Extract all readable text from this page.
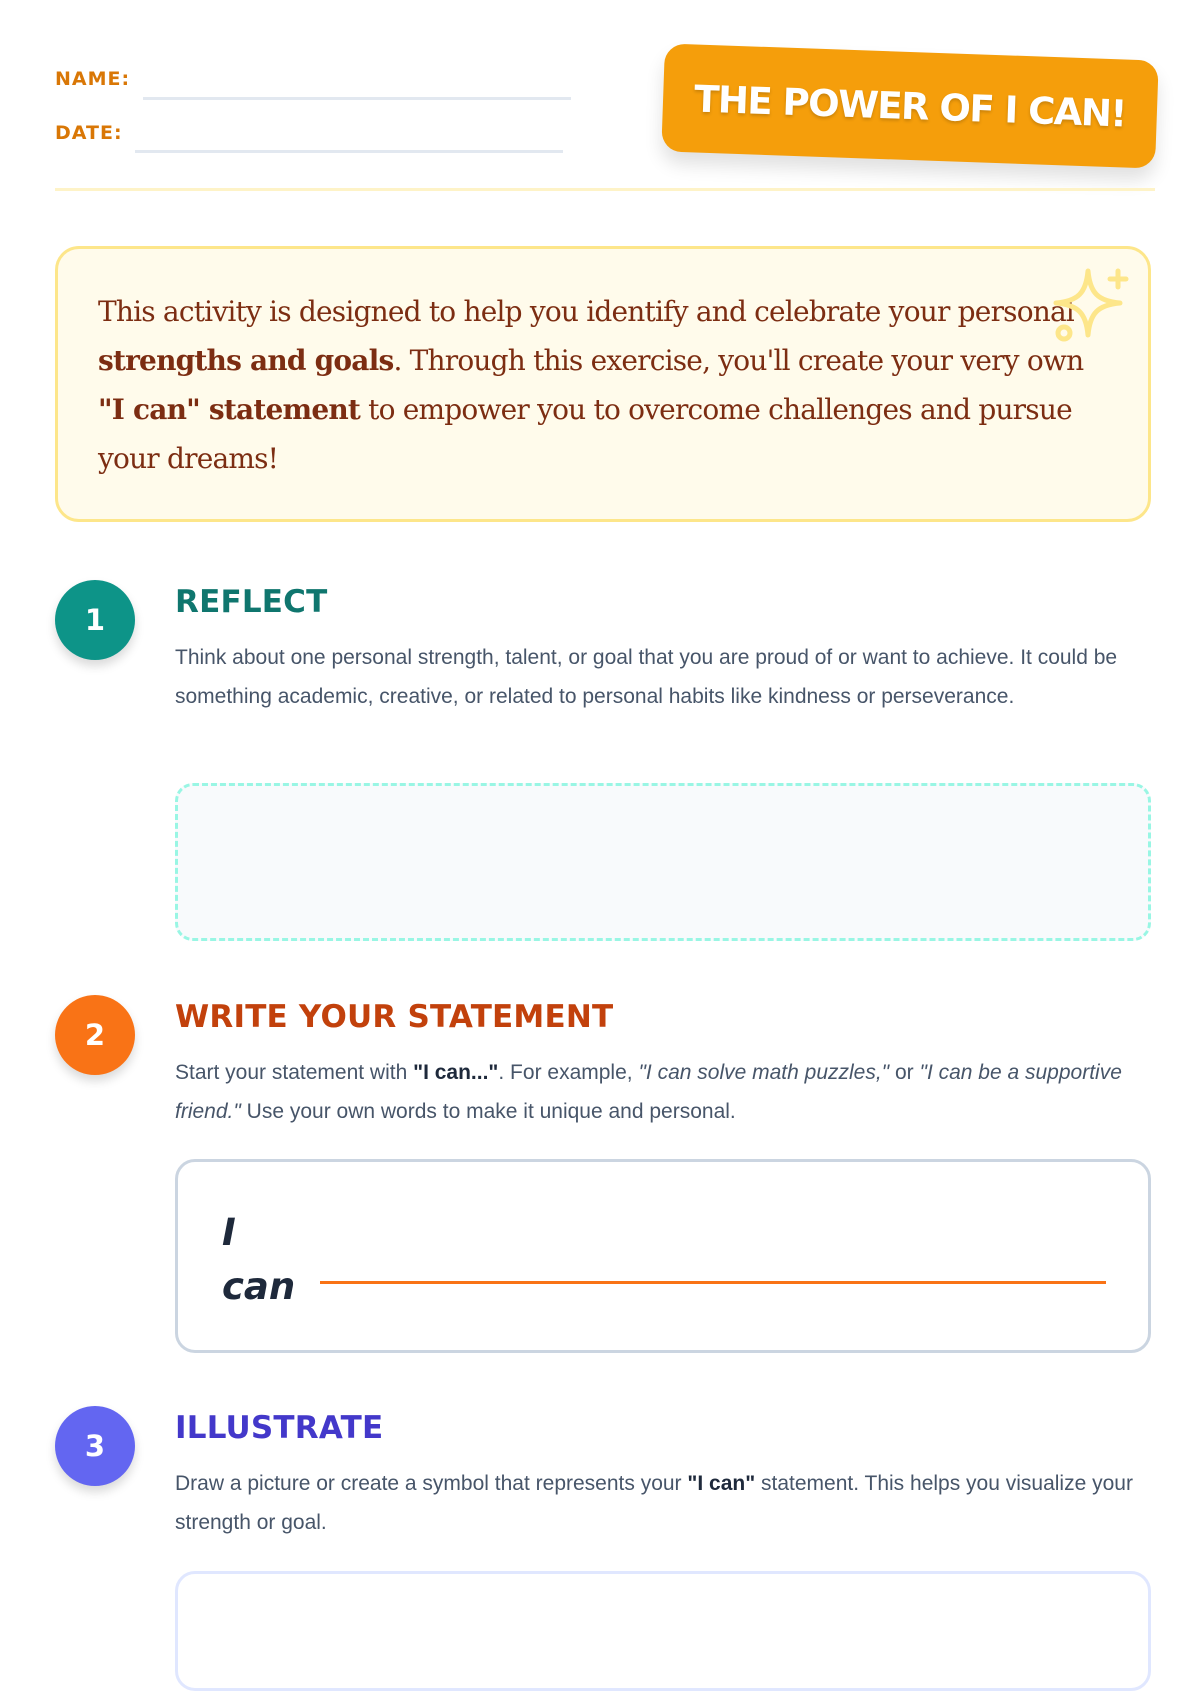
NAME:
DATE:	THE POWER OF I CAN!

This activity is designed to help you identify and celebrate your personal strengths and goals. Through this exercise, you'll create your very own "I can" statement to empower you to overcome challenges and pursue your dreams!

1	REFLECT

Think about one personal strength, talent, or goal that you are proud of or want to achieve. It could be something academic, creative, or related to personal habits like kindness or perseverance.

2	WRITE YOUR STATEMENT

Start your statement with "I can...". For example, "I can solve math puzzles," or "I can be a supportive friend." Use your own words to make it unique and personal.

I
can
3	ILLUSTRATE

Draw a picture or create a symbol that represents your "I can" statement. This helps you visualize your strength or goal.
